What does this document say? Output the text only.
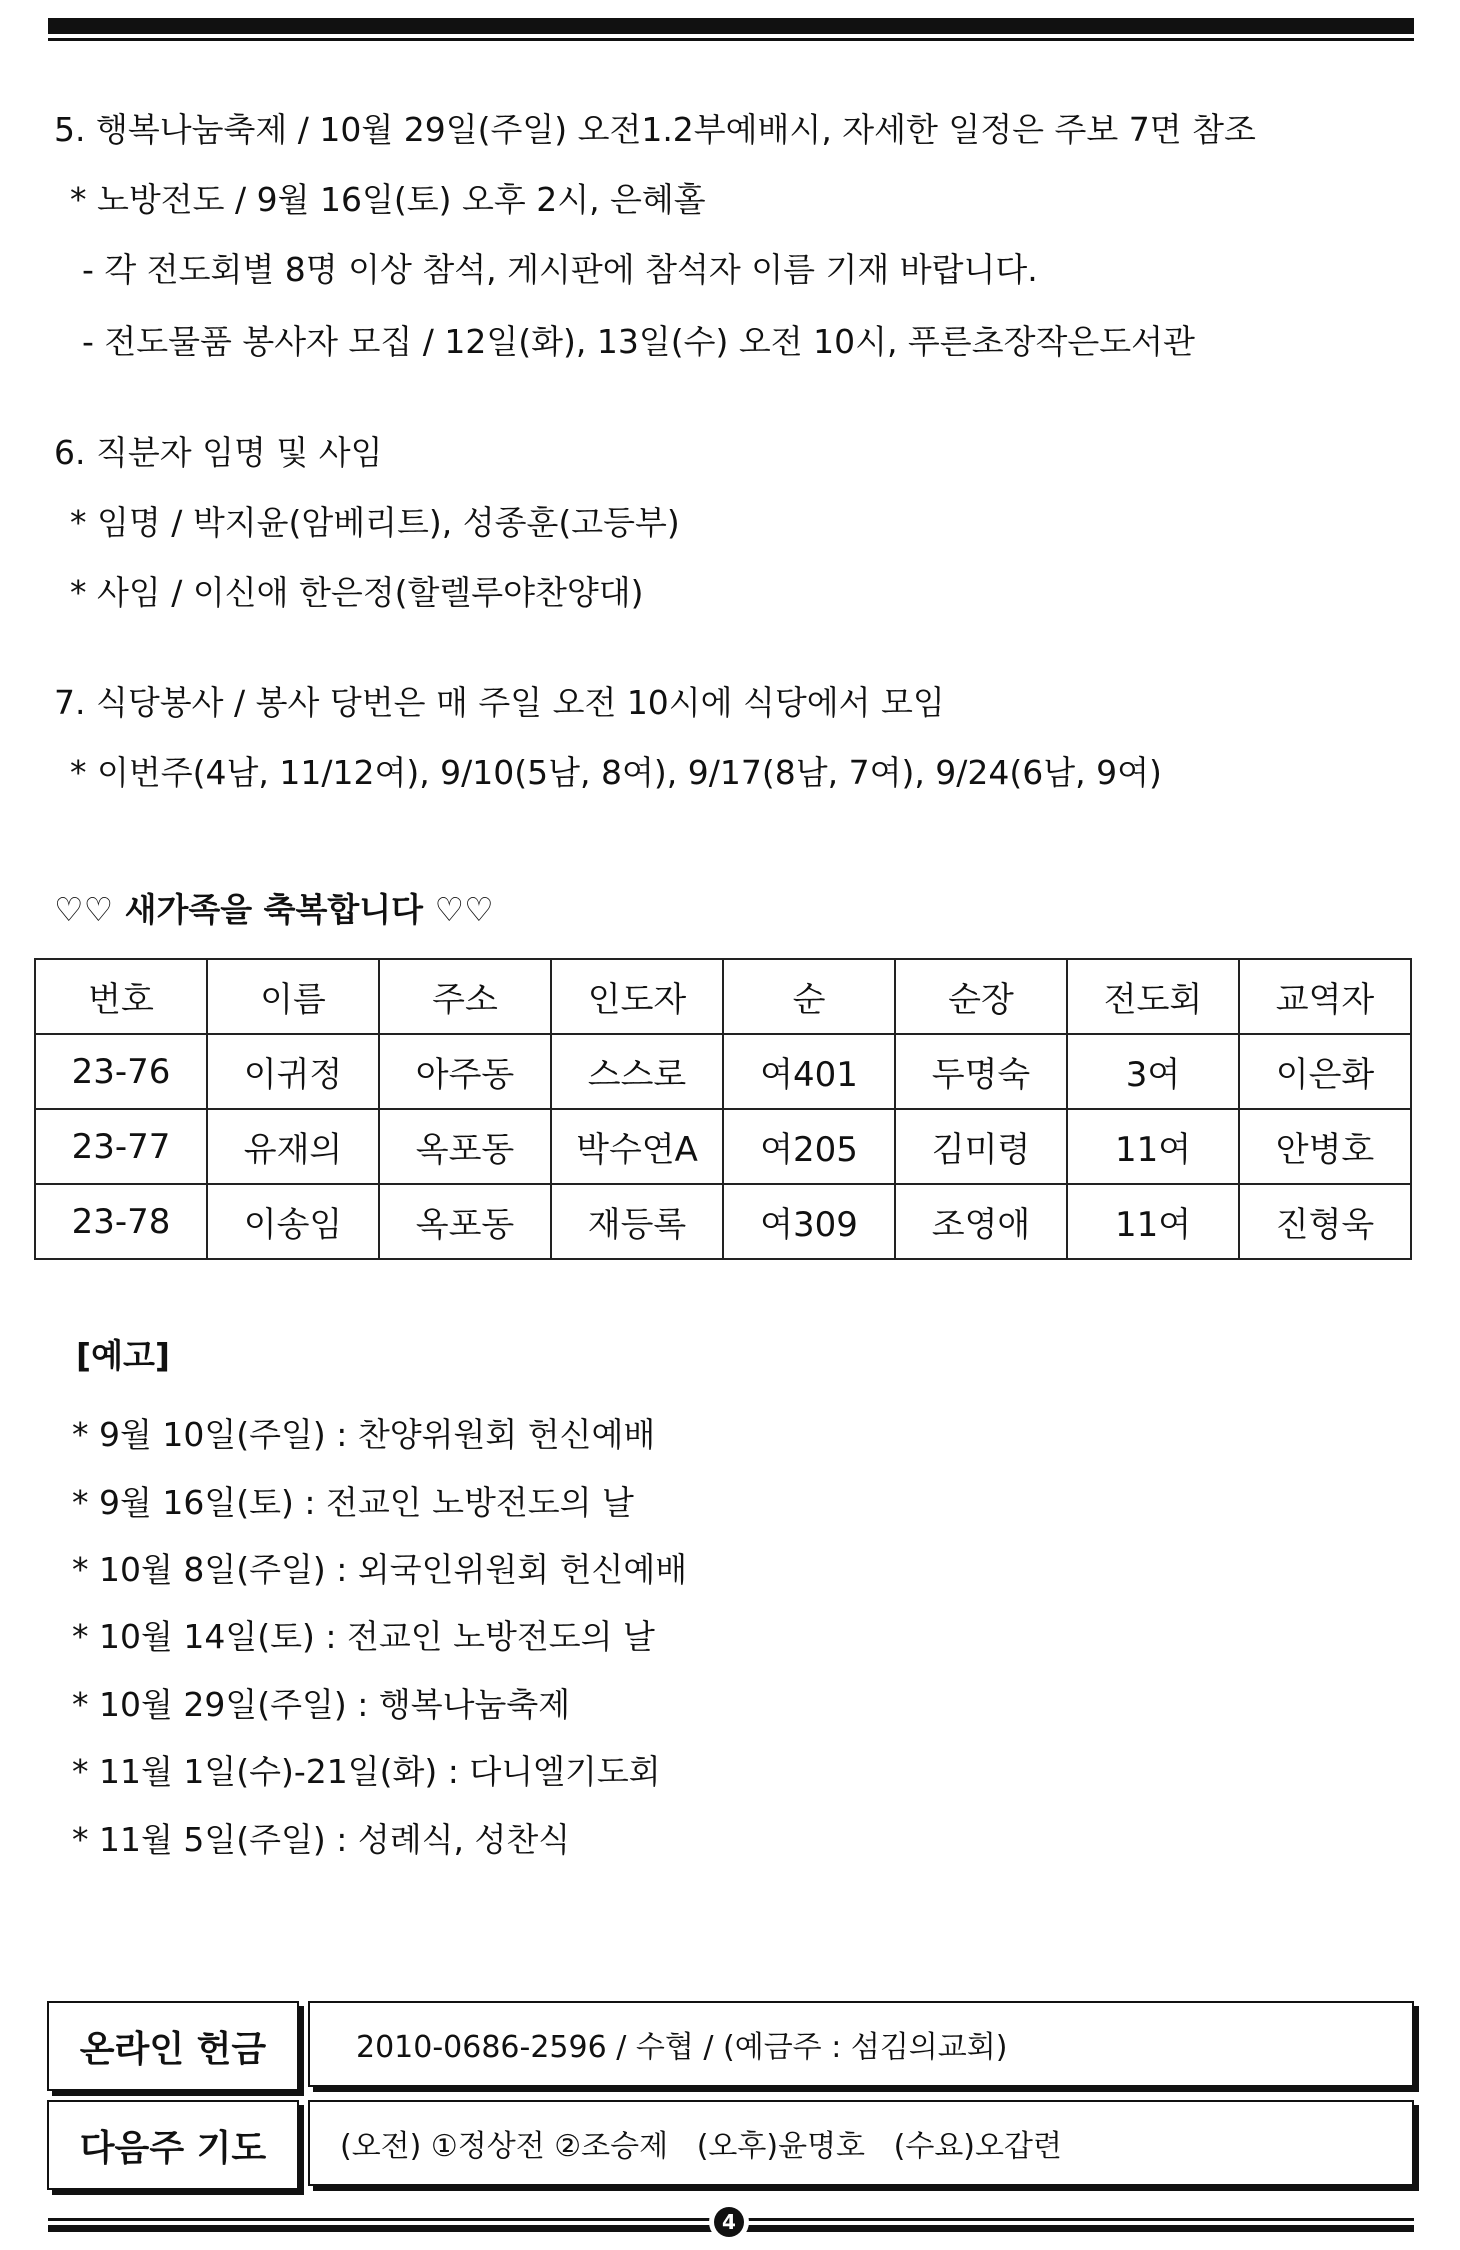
5. 행복나눔축제 / 10월 29일(주일) 오전1.2부예배시, 자세한 일정은 주보 7면 참조
* 노방전도 / 9월 16일(토) 오후 2시, 은혜홀
- 각 전도회별 8명 이상 참석, 게시판에 참석자 이름 기재 바랍니다.
- 전도물품 봉사자 모집 / 12일(화), 13일(수) 오전 10시, 푸른초장작은도서관
6. 직분자 임명 및 사임
* 임명 / 박지윤(암베리트), 성종훈(고등부)
* 사임 / 이신애 한은정(할렐루야찬양대)
7. 식당봉사 / 봉사 당번은 매 주일 오전 10시에 식당에서 모임
* 이번주(4남, 11/12여), 9/10(5남, 8여), 9/17(8남, 7여), 9/24(6남, 9여)
♡♡ 새가족을 축복합니다 ♡♡
번호	이름	주소	인도자	순	순장	전도회	교역자
23-76	이귀정	아주동	스스로	여401	두명숙	3여	이은화
23-77	유재의	옥포동	박수연A	여205	김미령	11여	안병호
23-78	이송임	옥포동	재등록	여309	조영애	11여	진형욱
[예고]
* 9월 10일(주일) : 찬양위원회 헌신예배
* 9월 16일(토) : 전교인 노방전도의 날
* 10월 8일(주일) : 외국인위원회 헌신예배
* 10월 14일(토) : 전교인 노방전도의 날
* 10월 29일(주일) : 행복나눔축제
* 11월 1일(수)-21일(화) : 다니엘기도회
* 11월 5일(주일) : 성례식, 성찬식
온라인 헌금	2010-0686-2596 / 수협 / (예금주 : 섬김의교회)
다음주 기도 (오전) ①정상전 ②조승제   (오후)윤명호   (수요)오갑련
4
